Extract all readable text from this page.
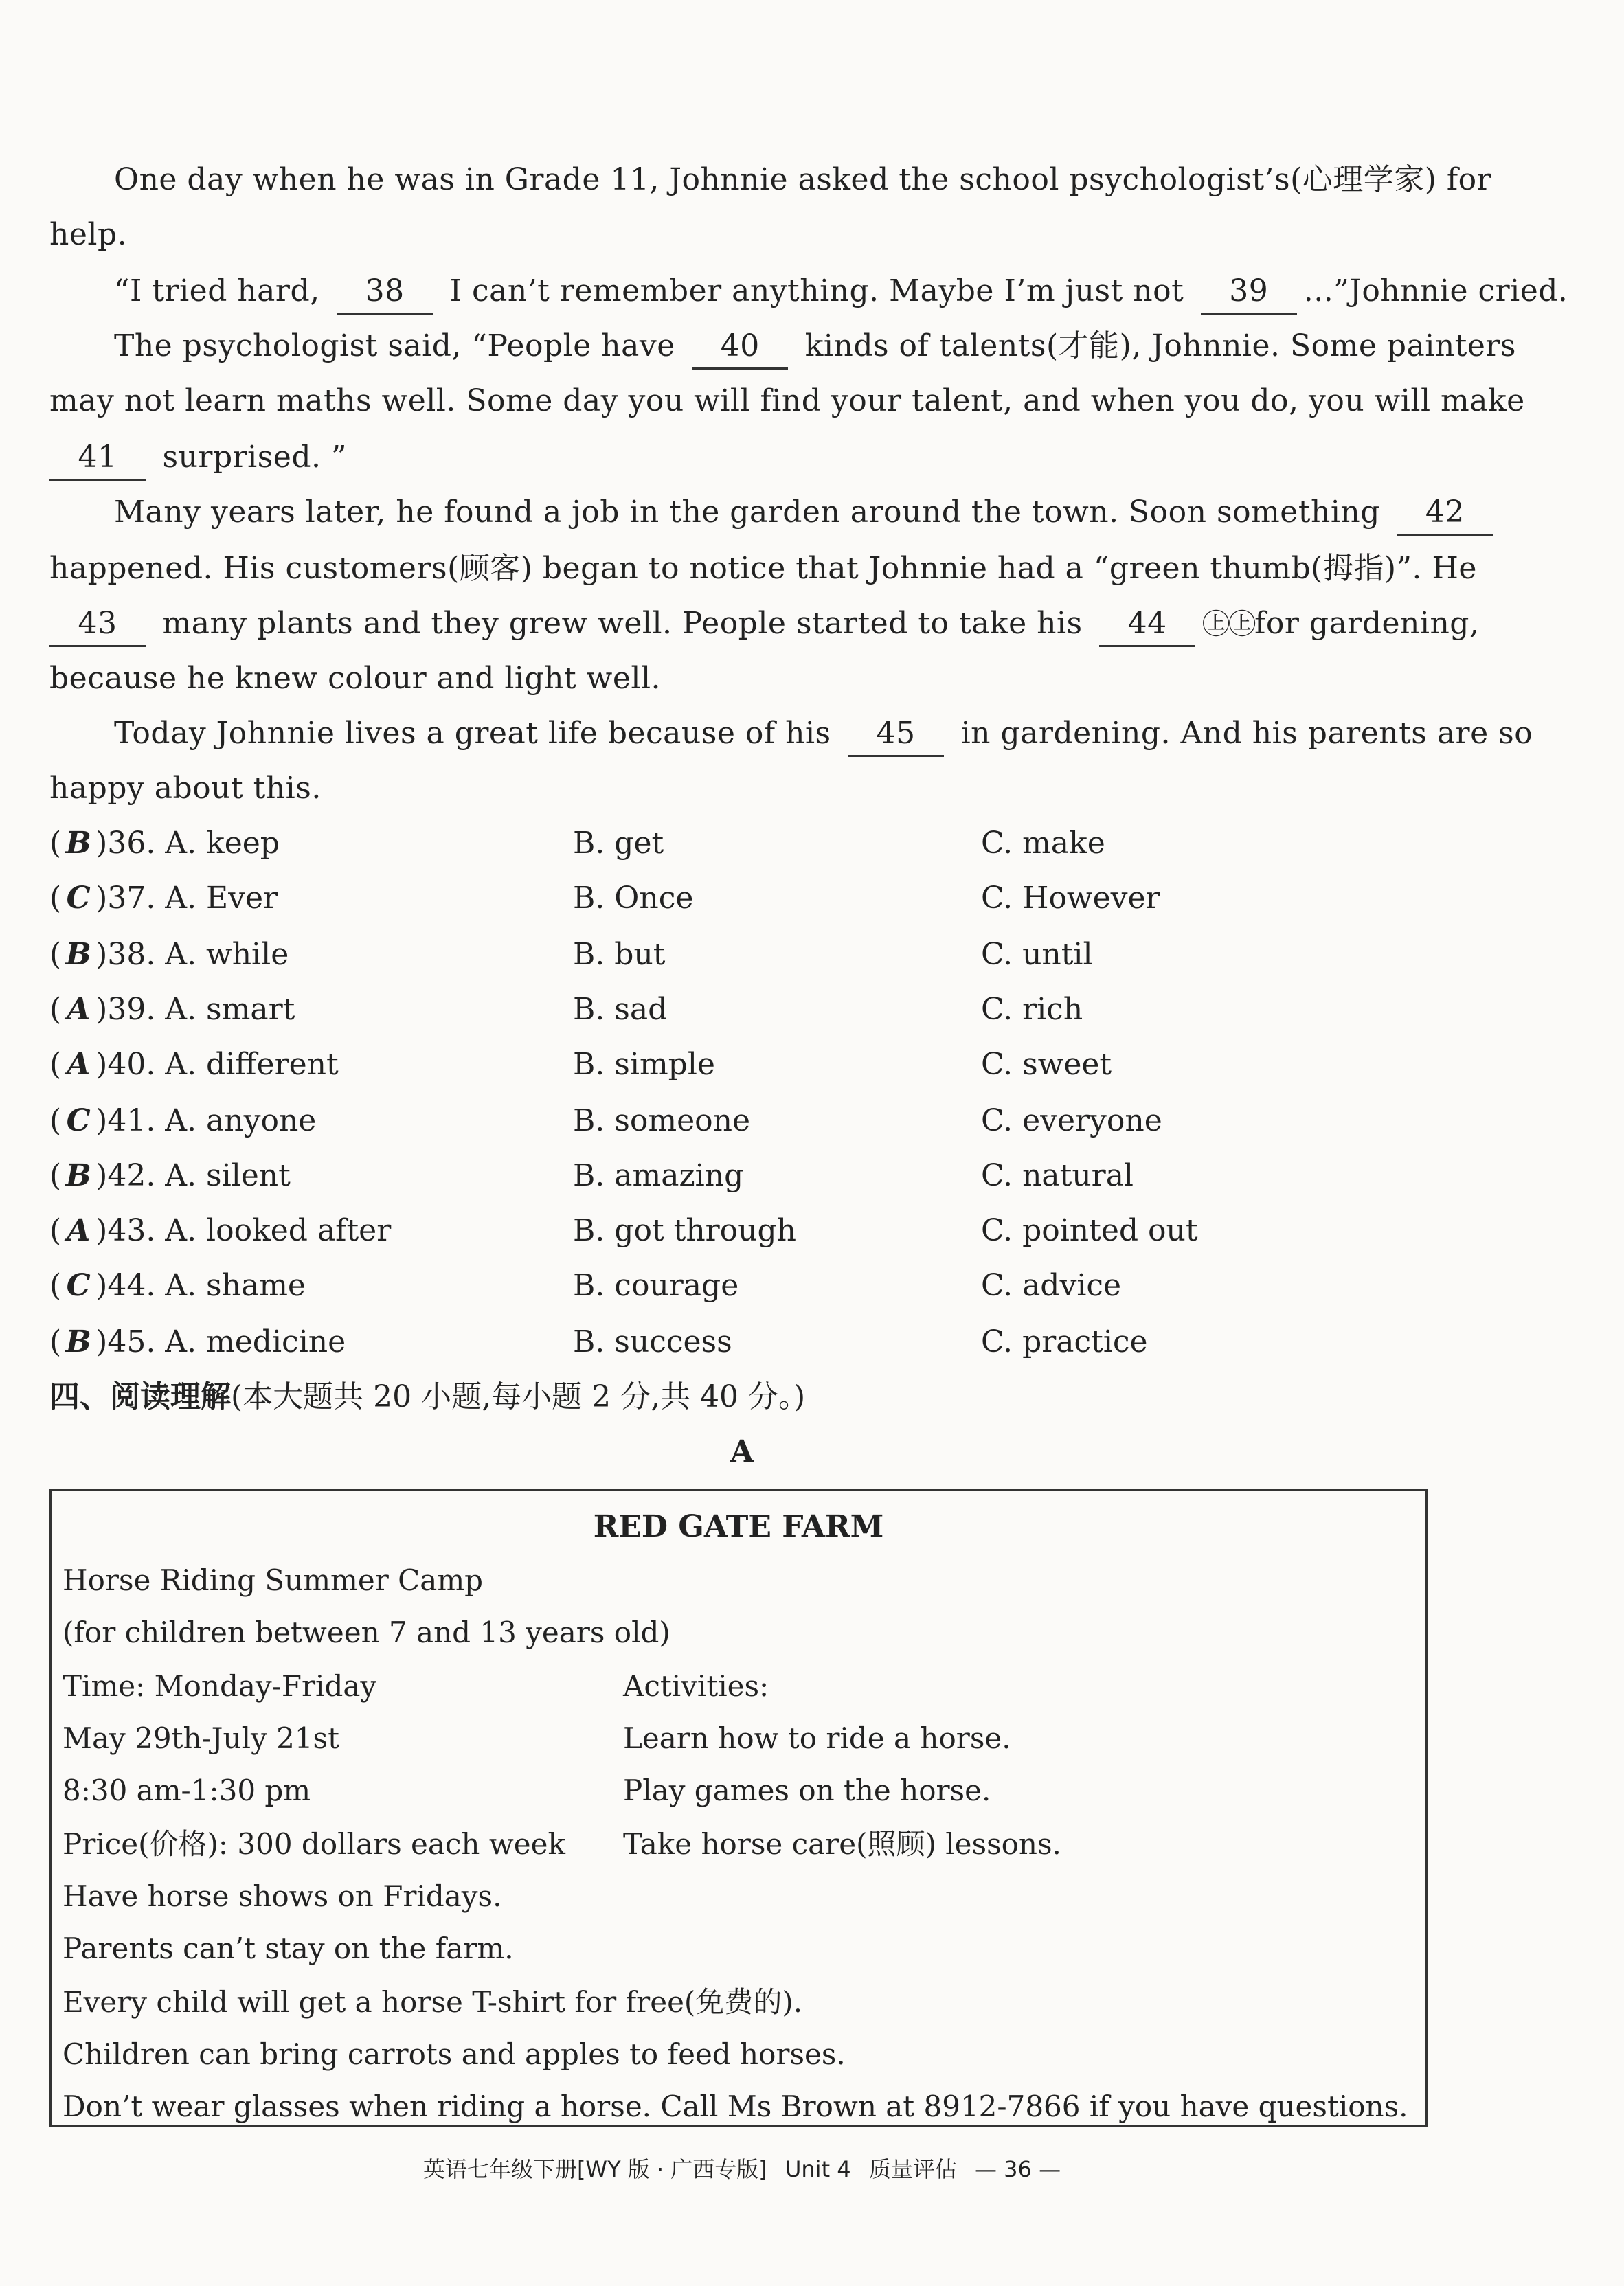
One day when he was in Grade 11, Johnnie asked the school psychologist’s(心理学家) for
help.
“I tried hard, 38 I can’t remember anything. Maybe I’m just not 39 ...”Johnnie cried.
The psychologist said, “People have 40 kinds of talents(才能), Johnnie. Some painters
may not learn maths well. Some day you will find your talent, and when you do, you will make
41 surprised. ”
Many years later, he found a job in the garden around the town. Soon something 42
happened. His customers(顾客) began to notice that Johnnie had a “green thumb(拇指)”. He
43 many plants and they grew well. People started to take his 44 ㊤㊤for gardening,
because he knew colour and light well.
Today Johnnie lives a great life because of his 45 in gardening. And his parents are so
happy about this.
( B )36. A. keep	B. get	C. make
( C )37. A. Ever	B. Once	C. However
( B )38. A. while	B. but	C. until
( A )39. A. smart	B. sad	C. rich
( A )40. A. different	B. simple	C. sweet
( C )41. A. anyone	B. someone	C. everyone
( B )42. A. silent	B. amazing	C. natural
( A )43. A. looked after	B. got through	C. pointed out
( C )44. A. shame	B. courage	C. advice
( B )45. A. medicine	B. success	C. practice
四、阅读理解(本大题共 20 小题,每小题 2 分,共 40 分。)
A
RED GATE FARM
Horse Riding Summer Camp
(for children between 7 and 13 years old)
Time: Monday-Friday
May 29th-July 21st
8:30 am-1:30 pm
Price(价格): 300 dollars each week
Activities:
Learn how to ride a horse.
Play games on the horse.
Take horse care(照顾) lessons.
Have horse shows on Fridays.
Parents can’t stay on the farm.
Every child will get a horse T-shirt for free(免费的).
Children can bring carrots and apples to feed horses.
Don’t wear glasses when riding a horse. Call Ms Brown at 8912-7866 if you have questions.
英语七年级下册[WY 版 · 广西专版] Unit 4 质量评估 — 36 —
